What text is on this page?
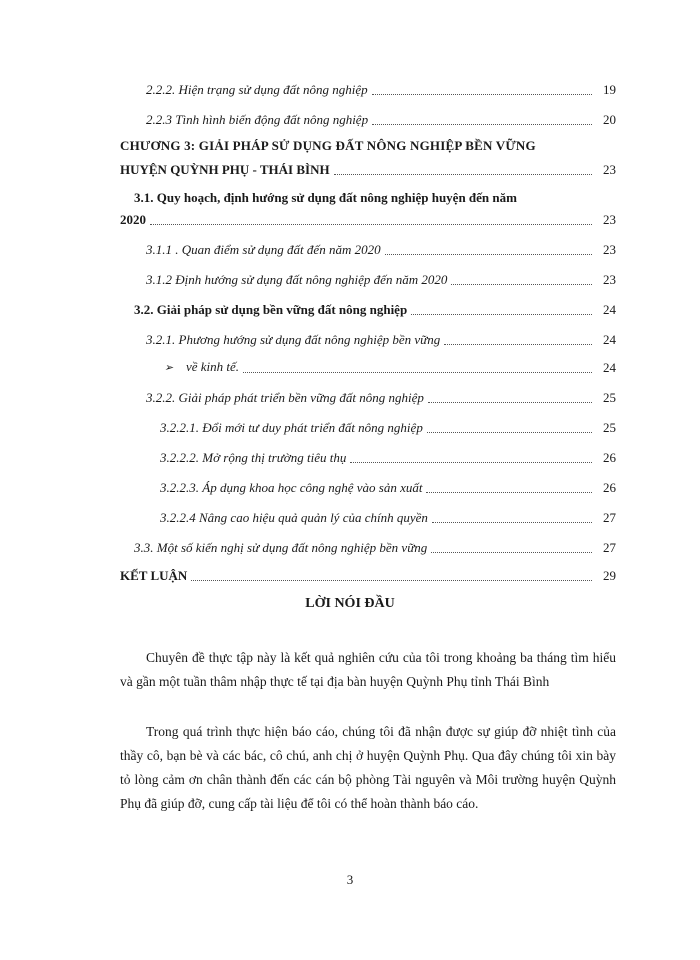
2.2.2. Hiện trạng sử dụng đất nông nghiệp	19
2.2.3 Tình hình biến động đất nông nghiệp	20
CHƯƠNG 3: GIẢI PHÁP SỬ DỤNG ĐẤT NÔNG NGHIỆP BỀN VỮNG
HUYỆN QUỲNH PHỤ - THÁI BÌNH	23
3.1. Quy hoạch, định hướng sử dụng đất nông nghiệp huyện đến năm
2020	23
3.1.1 . Quan điểm sử dụng đất đến năm 2020	23
3.1.2 Định hướng sử dụng đất nông nghiệp đến năm 2020	23
3.2. Giải pháp sử dụng bền vững đất nông nghiệp	24
3.2.1. Phương hướng sử dụng đất nông nghiệp bền vững	24
➢ về kinh tế.	24
3.2.2. Giải pháp phát triển bền vững đất nông nghiệp	25
3.2.2.1. Đổi mới tư duy phát triển đất nông nghiệp	25
3.2.2.2. Mở rộng thị trường tiêu thụ	26
3.2.2.3. Áp dụng khoa học công nghệ vào sản xuất	26
3.2.2.4 Nâng cao hiệu quả quản lý của chính quyền	27
3.3. Một số kiến nghị sử dụng đất nông nghiệp bền vững	27
KẾT LUẬN	29
LỜI NÓI ĐẦU

Chuyên đề thực tập này là kết quả nghiên cứu của tôi trong khoảng ba tháng tìm hiểu và gần một tuần thâm nhập thực tế tại địa bàn huyện Quỳnh Phụ tỉnh Thái Bình

Trong quá trình thực hiện báo cáo, chúng tôi đã nhận được sự giúp đỡ nhiệt tình của thầy cô, bạn bè và các bác, cô chú, anh chị ở huyện Quỳnh Phụ. Qua đây chúng tôi xin bày tỏ lòng cảm ơn chân thành đến các cán bộ phòng Tài nguyên và Môi trường huyện Quỳnh Phụ đã giúp đỡ, cung cấp tài liệu để tôi có thể hoàn thành báo cáo.

3
